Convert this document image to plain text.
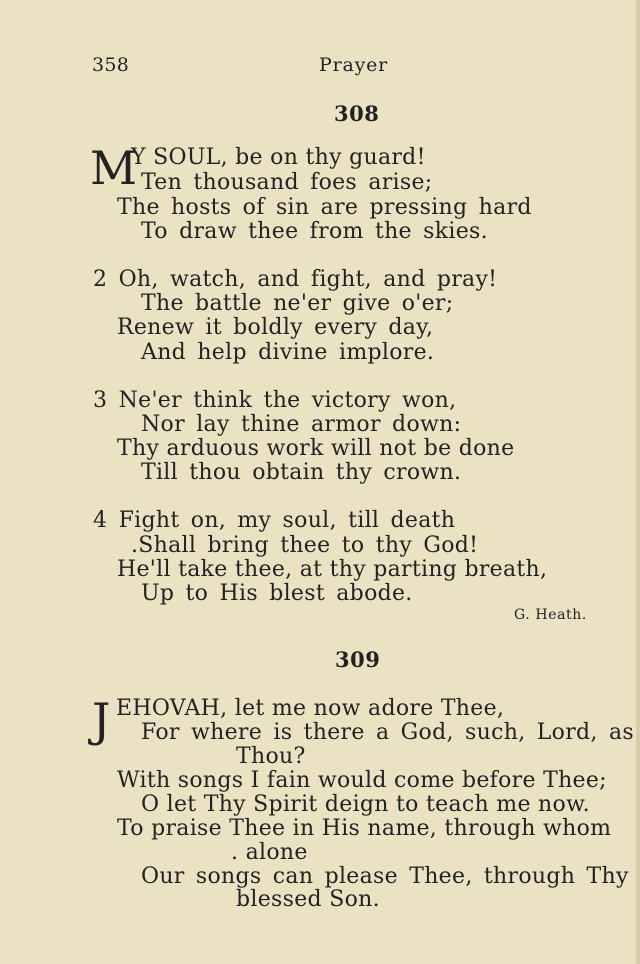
358	Prayer
308
M
Y SOUL, be on thy guard!
Ten thousand foes arise;
The hosts of sin are pressing hard
To draw thee from the skies.
2 Oh, watch, and fight, and pray!
The battle ne'er give o'er;
Renew it boldly every day,
And help divine implore.
3 Ne'er think the victory won,
Nor lay thine armor down:
Thy arduous work will not be done
Till thou obtain thy crown.
4 Fight on, my soul, till death
.Shall bring thee to thy God!
He'll take thee, at thy parting breath,
Up to His blest abode.
G. Heath.
309
J EHOVAH, let me now adore Thee,
For where is there a God, such, Lord, as
Thou?
With songs I fain would come before Thee;
O let Thy Spirit deign to teach me now.
To praise Thee in His name, through whom
. alone
Our songs can please Thee, through Thy
blessed Son.
